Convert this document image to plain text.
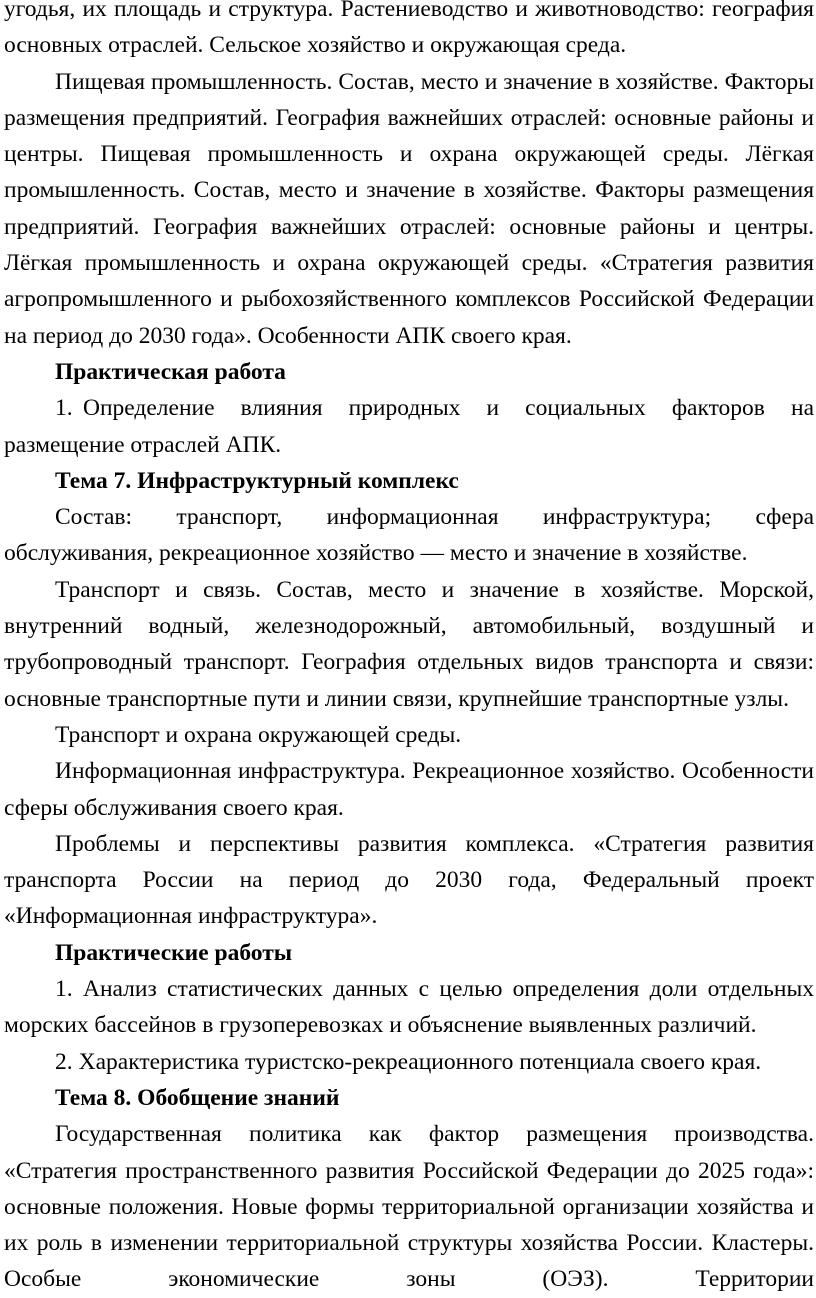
угодья, их площадь и структура. Растениеводство и животноводство: география основных отраслей. Сельское хозяйство и окружающая среда.

Пищевая промышленность. Состав, место и значение в хозяйстве. Факторы размещения предприятий. География важнейших отраслей: основные районы и центры. Пищевая промышленность и охрана окружающей среды. Лёгкая промышленность. Состав, место и значение в хозяйстве. Факторы размещения предприятий. География важнейших отраслей: основные районы и центры. Лёгкая промышленность и охрана окружающей среды. «Стратегия развития агропромышленного и рыбохозяйственного комплексов Российской Федерации на период до 2030 года». Особенности АПК своего края.

Практическая работа

1. Определение влияния природных и социальных факторов на размещение отраслей АПК.

Тема 7. Инфраструктурный комплекс

Состав: транспорт, информационная инфраструктура; сфера обслуживания, рекреационное хозяйство — место и значение в хозяйстве.

Транспорт и связь. Состав, место и значение в хозяйстве. Морской, внутренний водный, железнодорожный, автомобильный, воздушный и трубопроводный транспорт. География отдельных видов транспорта и связи: основные транспортные пути и линии связи, крупнейшие транспортные узлы.

Транспорт и охрана окружающей среды.

Информационная инфраструктура. Рекреационное хозяйство. Особенности сферы обслуживания своего края.

Проблемы и перспективы развития комплекса. «Стратегия развития транспорта России на период до 2030 года, Федеральный проект «Информационная инфраструктура».

Практические работы

1. Анализ статистических данных с целью определения доли отдельных морских бассейнов в грузоперевозках и объяснение выявленных различий.

2. Характеристика туристско-рекреационного потенциала своего края.

Тема 8. Обобщение знаний

Государственная политика как фактор размещения производства. «Стратегия пространственного развития Российской Федерации до 2025 года»: основные положения. Новые формы территориальной организации хозяйства и их роль в изменении территориальной структуры хозяйства России. Кластеры. Особые экономические зоны (ОЭЗ). Территории
